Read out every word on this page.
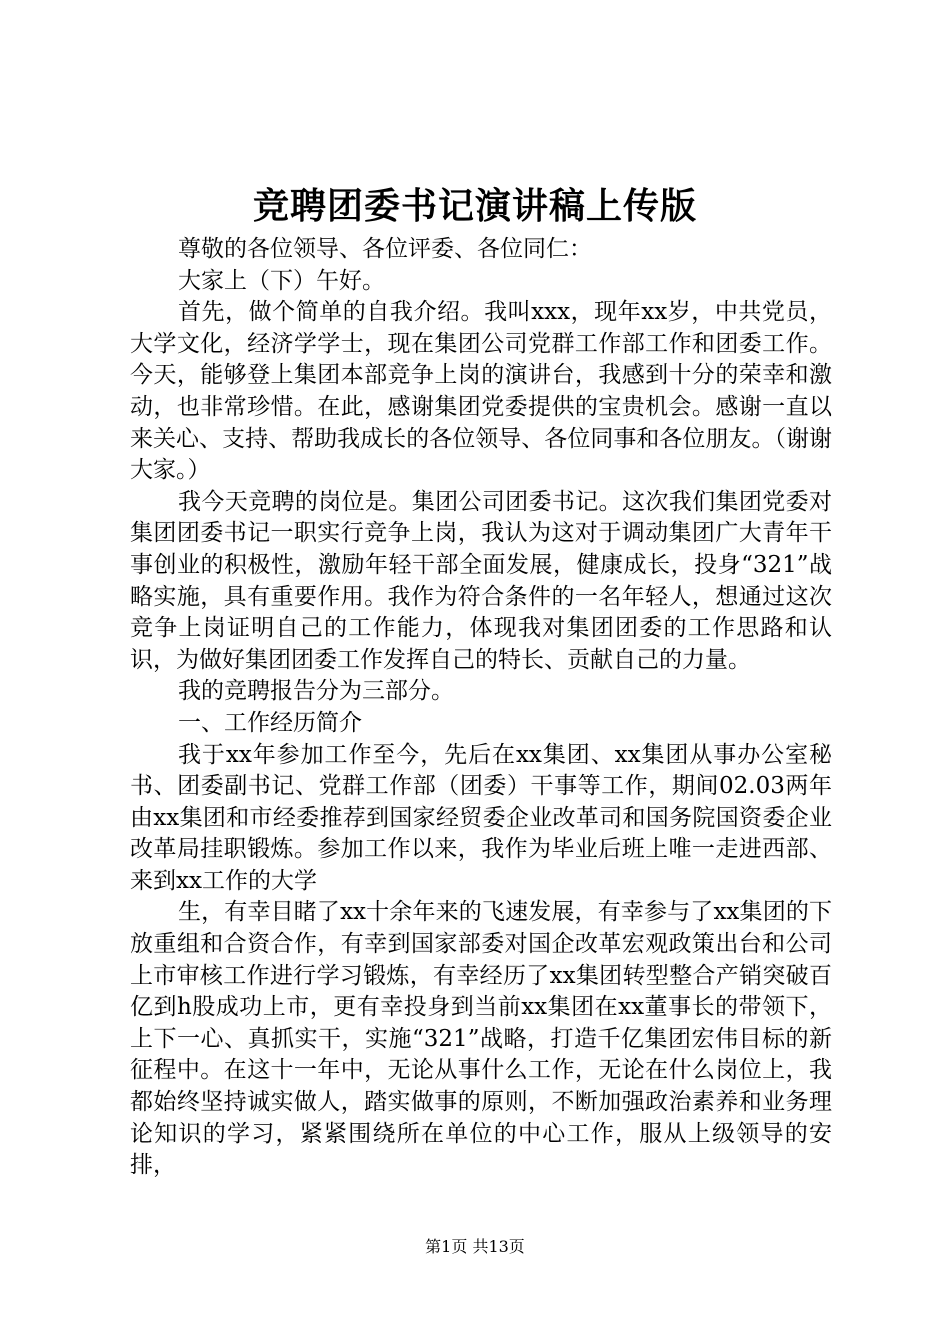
竞聘团委书记演讲稿上传版

尊敬的各位领导、各位评委、各位同仁：

大家上（下）午好。

首先，做个简单的自我介绍。我叫xxx，现年xx岁，中共党员，大学文化，经济学学士，现在集团公司党群工作部工作和团委工作。今天，能够登上集团本部竞争上岗的演讲台，我感到十分的荣幸和激动，也非常珍惜。在此，感谢集团党委提供的宝贵机会。感谢一直以来关心、支持、帮助我成长的各位领导、各位同事和各位朋友。（谢谢大家。）

我今天竞聘的岗位是。集团公司团委书记。这次我们集团党委对集团团委书记一职实行竞争上岗，我认为这对于调动集团广大青年干事创业的积极性，激励年轻干部全面发展，健康成长，投身“321”战略实施，具有重要作用。我作为符合条件的一名年轻人，想通过这次竞争上岗证明自己的工作能力，体现我对集团团委的工作思路和认识，为做好集团团委工作发挥自己的特长、贡献自己的力量。

我的竞聘报告分为三部分。

一、工作经历简介

我于xx年参加工作至今，先后在xx集团、xx集团从事办公室秘书、团委副书记、党群工作部（团委）干事等工作，期间02.03两年由xx集团和市经委推荐到国家经贸委企业改革司和国务院国资委企业改革局挂职锻炼。参加工作以来，我作为毕业后班上唯一走进西部、来到xx工作的大学

生，有幸目睹了xx十余年来的飞速发展，有幸参与了xx集团的下放重组和合资合作，有幸到国家部委对国企改革宏观政策出台和公司上市审核工作进行学习锻炼，有幸经历了xx集团转型整合产销突破百亿到h股成功上市，更有幸投身到当前xx集团在xx董事长的带领下，上下一心、真抓实干，实施“321”战略，打造千亿集团宏伟目标的新征程中。在这十一年中，无论从事什么工作，无论在什么岗位上，我都始终坚持诚实做人，踏实做事的原则，不断加强政治素养和业务理论知识的学习，紧紧围绕所在单位的中心工作，服从上级领导的安排，

第1页 共13页
